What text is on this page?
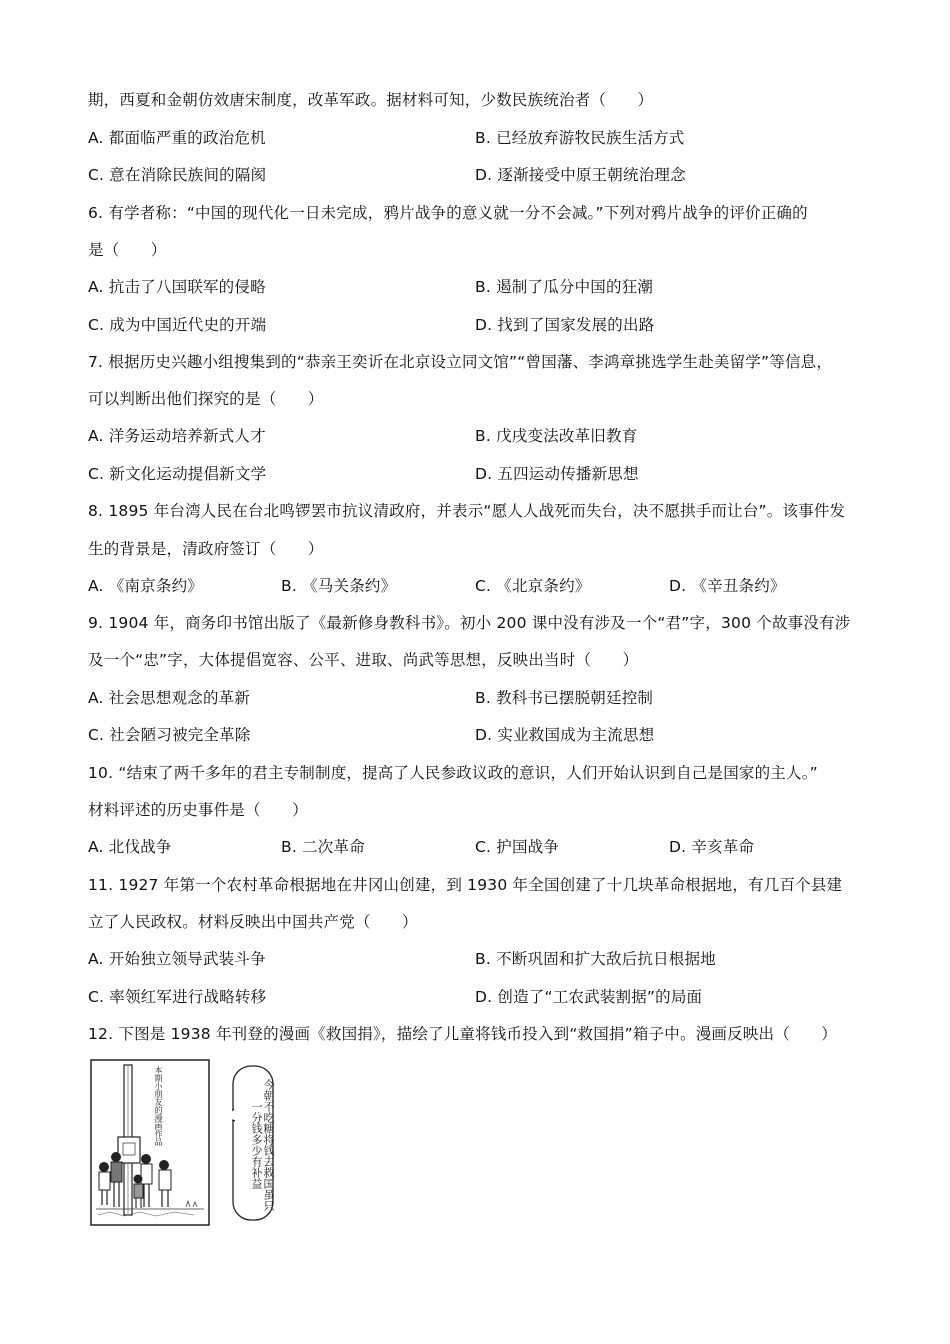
期，西夏和金朝仿效唐宋制度，改革军政。据材料可知，少数民族统治者（　　）
A. 都面临严重的政治危机	B. 已经放弃游牧民族生活方式
C. 意在消除民族间的隔阂	D. 逐渐接受中原王朝统治理念
6. 有学者称：“中国的现代化一日未完成，鸦片战争的意义就一分不会减。”下列对鸦片战争的评价正确的
是（　　）
A. 抗击了八国联军的侵略	B. 遏制了瓜分中国的狂潮
C. 成为中国近代史的开端	D. 找到了国家发展的出路
7. 根据历史兴趣小组搜集到的“恭亲王奕䜣在北京设立同文馆”“曾国藩、李鸿章挑选学生赴美留学”等信息，
可以判断出他们探究的是（　　）
A. 洋务运动培养新式人才	B. 戊戌变法改革旧教育
C. 新文化运动提倡新文学	D. 五四运动传播新思想
8. 1895 年台湾人民在台北鸣锣罢市抗议清政府，并表示“愿人人战死而失台，决不愿拱手而让台”。该事件发
生的背景是，清政府签订（　　）
A. 《南京条约》	B. 《马关条约》	C. 《北京条约》	D. 《辛丑条约》
9. 1904 年，商务印书馆出版了《最新修身教科书》。初小 200 课中没有涉及一个“君”字，300 个故事没有涉
及一个“忠”字，大体提倡宽容、公平、进取、尚武等思想，反映出当时（　　）
A. 社会思想观念的革新	B. 教科书已摆脱朝廷控制
C. 社会陋习被完全革除	D. 实业救国成为主流思想
10. “结束了两千多年的君主专制制度，提高了人民参政议政的意识，人们开始认识到自己是国家的主人。”
材料评述的历史事件是（　　）
A. 北伐战争	B. 二次革命	C. 护国战争	D. 辛亥革命
11. 1927 年第一个农村革命根据地在井冈山创建，到 1930 年全国创建了十几块革命根据地，有几百个县建
立了人民政权。材料反映出中国共产党（　　）
A. 开始独立领导武装斗争	B. 不断巩固和扩大敌后抗日根据地
C. 率领红军进行战略转移	D. 创造了“工农武装割据”的局面
12. 下图是 1938 年刊登的漫画《救国捐》，描绘了儿童将钱币投入到“救国捐”箱子中。漫画反映出（　　）
本期小朋友的漫画作品	今朝不吃糖将钱去救国虽只一分钱多少有补益
